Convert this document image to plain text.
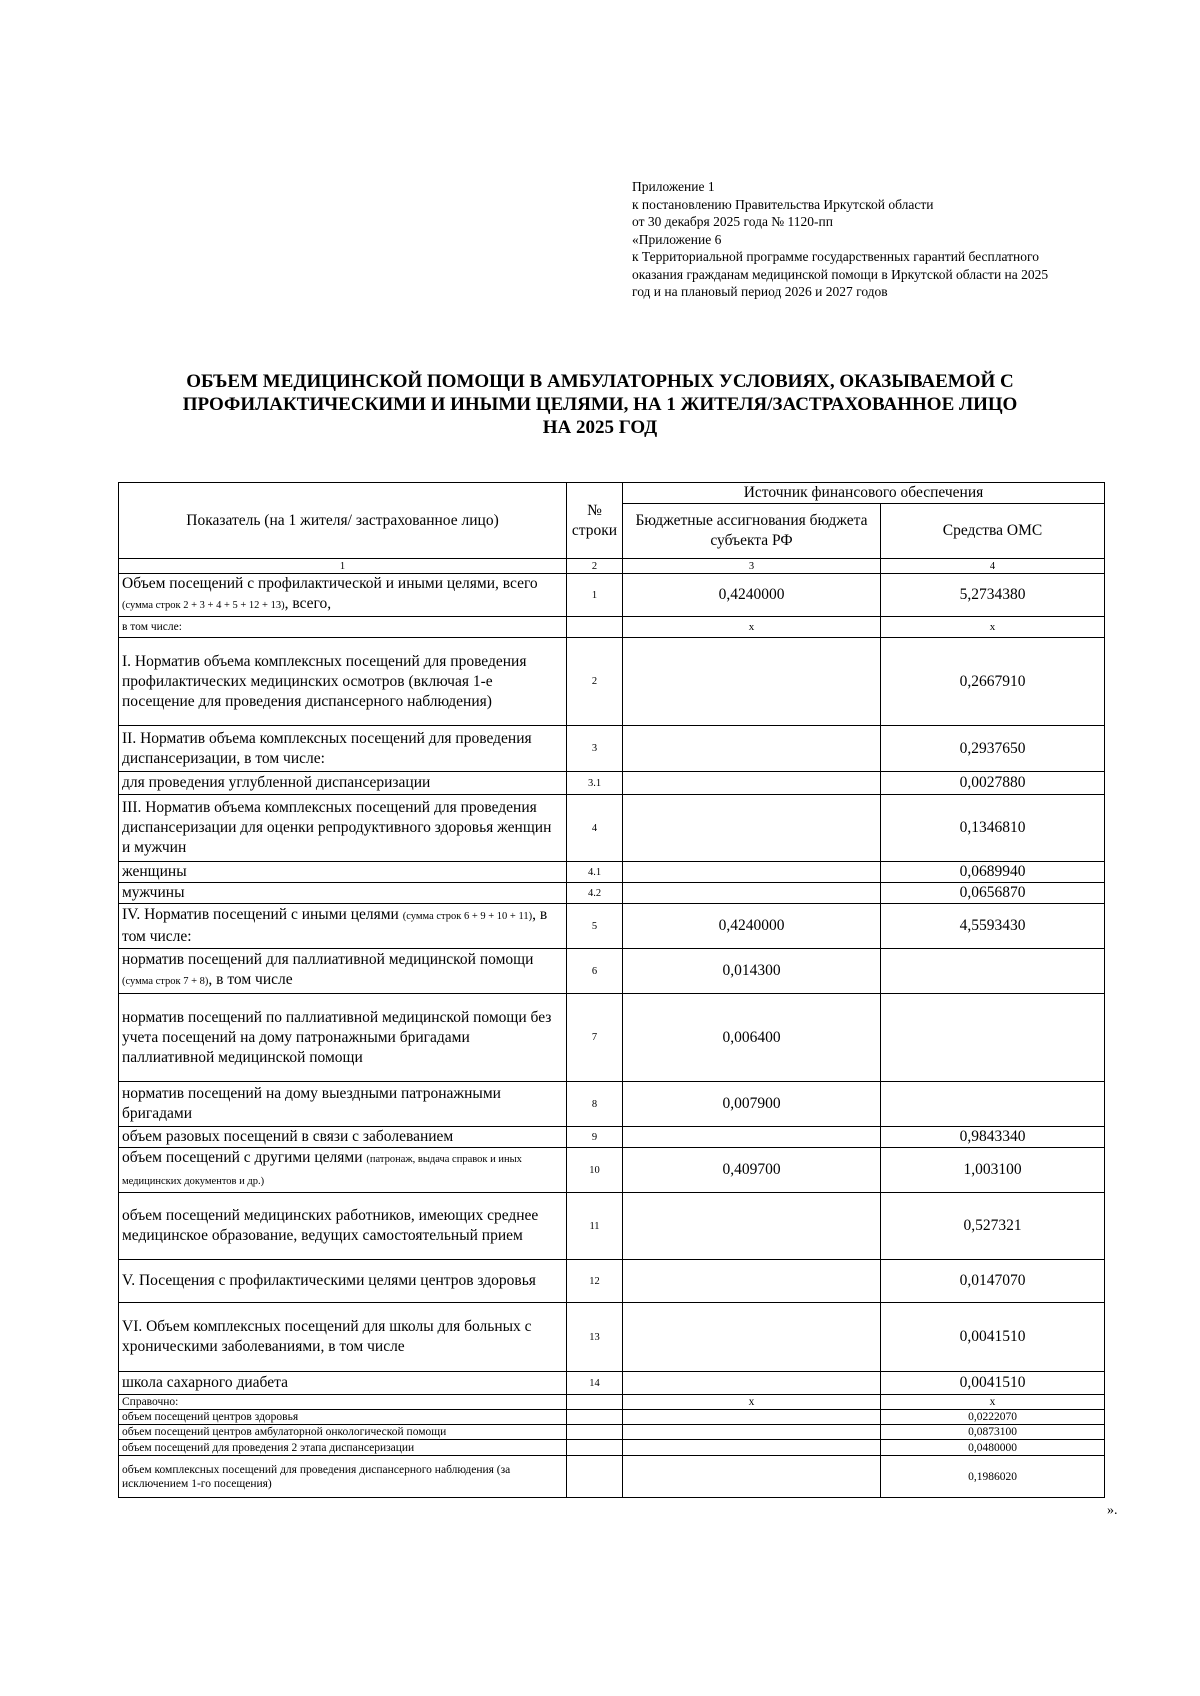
Приложение 1
к постановлению Правительства Иркутской области
от 30 декабря 2025 года № 1120-пп
«Приложение 6
к Территориальной программе государственных гарантий бесплатного
оказания гражданам медицинской помощи в Иркутской области на 2025
год и на плановый период 2026 и 2027 годов
ОБЪЕМ МЕДИЦИНСКОЙ ПОМОЩИ В АМБУЛАТОРНЫХ УСЛОВИЯХ, ОКАЗЫВАЕМОЙ С
ПРОФИЛАКТИЧЕСКИМИ И ИНЫМИ ЦЕЛЯМИ, НА 1 ЖИТЕЛЯ/ЗАСТРАХОВАННОЕ ЛИЦО
НА 2025 ГОД
Показатель (на 1 жителя/ застрахованное лицо)	№ строки	Источник финансового обеспечения	
		Бюджетные ассигнования бюджета субъекта РФ	Средства ОМС
1	2	3	4
Объем посещений с профилактической и иными целями, всего (сумма строк 2 + 3 + 4 + 5 + 12 + 13), всего,	1	0,4240000	5,2734380
в том числе:		x	x
I. Норматив объема комплексных посещений для проведения профилактических медицинских осмотров (включая 1-е посещение для проведения диспансерного наблюдения)	2		0,2667910
II. Норматив объема комплексных посещений для проведения диспансеризации, в том числе:	3		0,2937650
для проведения углубленной диспансеризации	3.1		0,0027880
III. Норматив объема комплексных посещений для проведения диспансеризации для оценки репродуктивного здоровья женщин и мужчин	4		0,1346810
женщины	4.1		0,0689940
мужчины	4.2		0,0656870
IV. Норматив посещений с иными целями (сумма строк 6 + 9 + 10 + 11), в том числе:	5	0,4240000	4,5593430
норматив посещений для паллиативной медицинской помощи (сумма строк 7 + 8), в том числе	6	0,014300	
норматив посещений по паллиативной медицинской помощи без учета посещений на дому патронажными бригадами паллиативной медицинской помощи	7	0,006400	
норматив посещений на дому выездными патронажными бригадами	8	0,007900	
объем разовых посещений в связи с заболеванием	9		0,9843340
объем посещений с другими целями (патронаж, выдача справок и иных медицинских документов и др.)	10	0,409700	1,003100
объем посещений медицинских работников, имеющих среднее медицинское образование, ведущих самостоятельный прием	11		0,527321
V. Посещения с профилактическими целями центров здоровья	12		0,0147070
VI. Объем комплексных посещений для школы для больных с хроническими заболеваниями, в том числе	13		0,0041510
школа сахарного диабета	14		0,0041510
Справочно:		x	x
объем посещений центров здоровья			0,0222070
объем посещений центров амбулаторной онкологической помощи			0,0873100
объем посещений для проведения 2 этапа диспансеризации			0,0480000
объем комплексных посещений для проведения диспансерного наблюдения (за исключением 1-го посещения)			0,1986020
».
